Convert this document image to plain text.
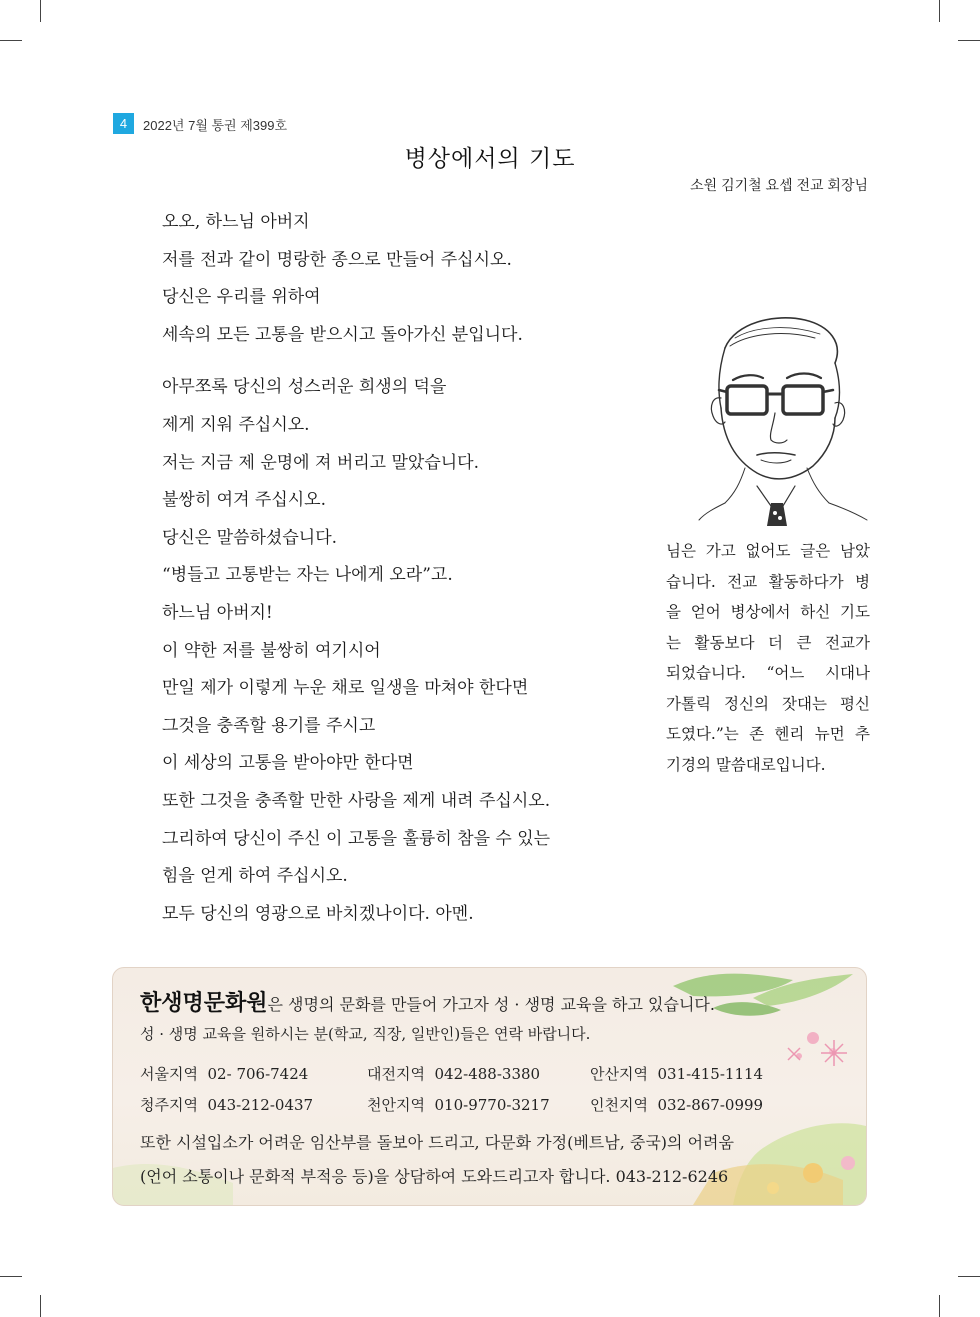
4	2022년 7월 통권 제399호
병상에서의 기도
소원 김기철 요셉 전교 회장님
오오, 하느님 아버지
저를 전과 같이 명랑한 종으로 만들어 주십시오.
당신은 우리를 위하여
세속의 모든 고통을 받으시고 돌아가신 분입니다.
아무쪼록 당신의 성스러운 희생의 덕을
제게 지워 주십시오.
저는 지금 제 운명에 져 버리고 말았습니다.
불쌍히 여겨 주십시오.
당신은 말씀하셨습니다.
“병들고 고통받는 자는 나에게 오라”고.
하느님 아버지!
이 약한 저를 불쌍히 여기시어
만일 제가 이렇게 누운 채로 일생을 마쳐야 한다면
그것을 충족할 용기를 주시고
이 세상의 고통을 받아야만 한다면
또한 그것을 충족할 만한 사랑을 제게 내려 주십시오.
그리하여 당신이 주신 이 고통을 훌륭히 참을 수 있는
힘을 얻게 하여 주십시오.
모두 당신의 영광으로 바치겠나이다. 아멘.
님은 가고 없어도 글은 남았
습니다. 전교 활동하다가 병
을 얻어 병상에서 하신 기도
는 활동보다 더 큰 전교가
되었습니다. “어느 시대나
가톨릭 정신의 잣대는 평신
도였다.”는 존 헨리 뉴먼 추
기경의 말씀대로입니다.
한생명문화원은 생명의 문화를 만들어 가고자 성 · 생명 교육을 하고 있습니다.
성 · 생명 교육을 원하시는 분(학교, 직장, 일반인)들은 연락 바랍니다.
서울지역 02- 706-7424	대전지역 042-488-3380	안산지역 031-415-1114
청주지역 043-212-0437	천안지역 010-9770-3217	인천지역 032-867-0999
또한 시설입소가 어려운 임산부를 돌보아 드리고, 다문화 가정(베트남, 중국)의 어려움
(언어 소통이나 문화적 부적응 등)을 상담하여 도와드리고자 합니다. 043-212-6246
